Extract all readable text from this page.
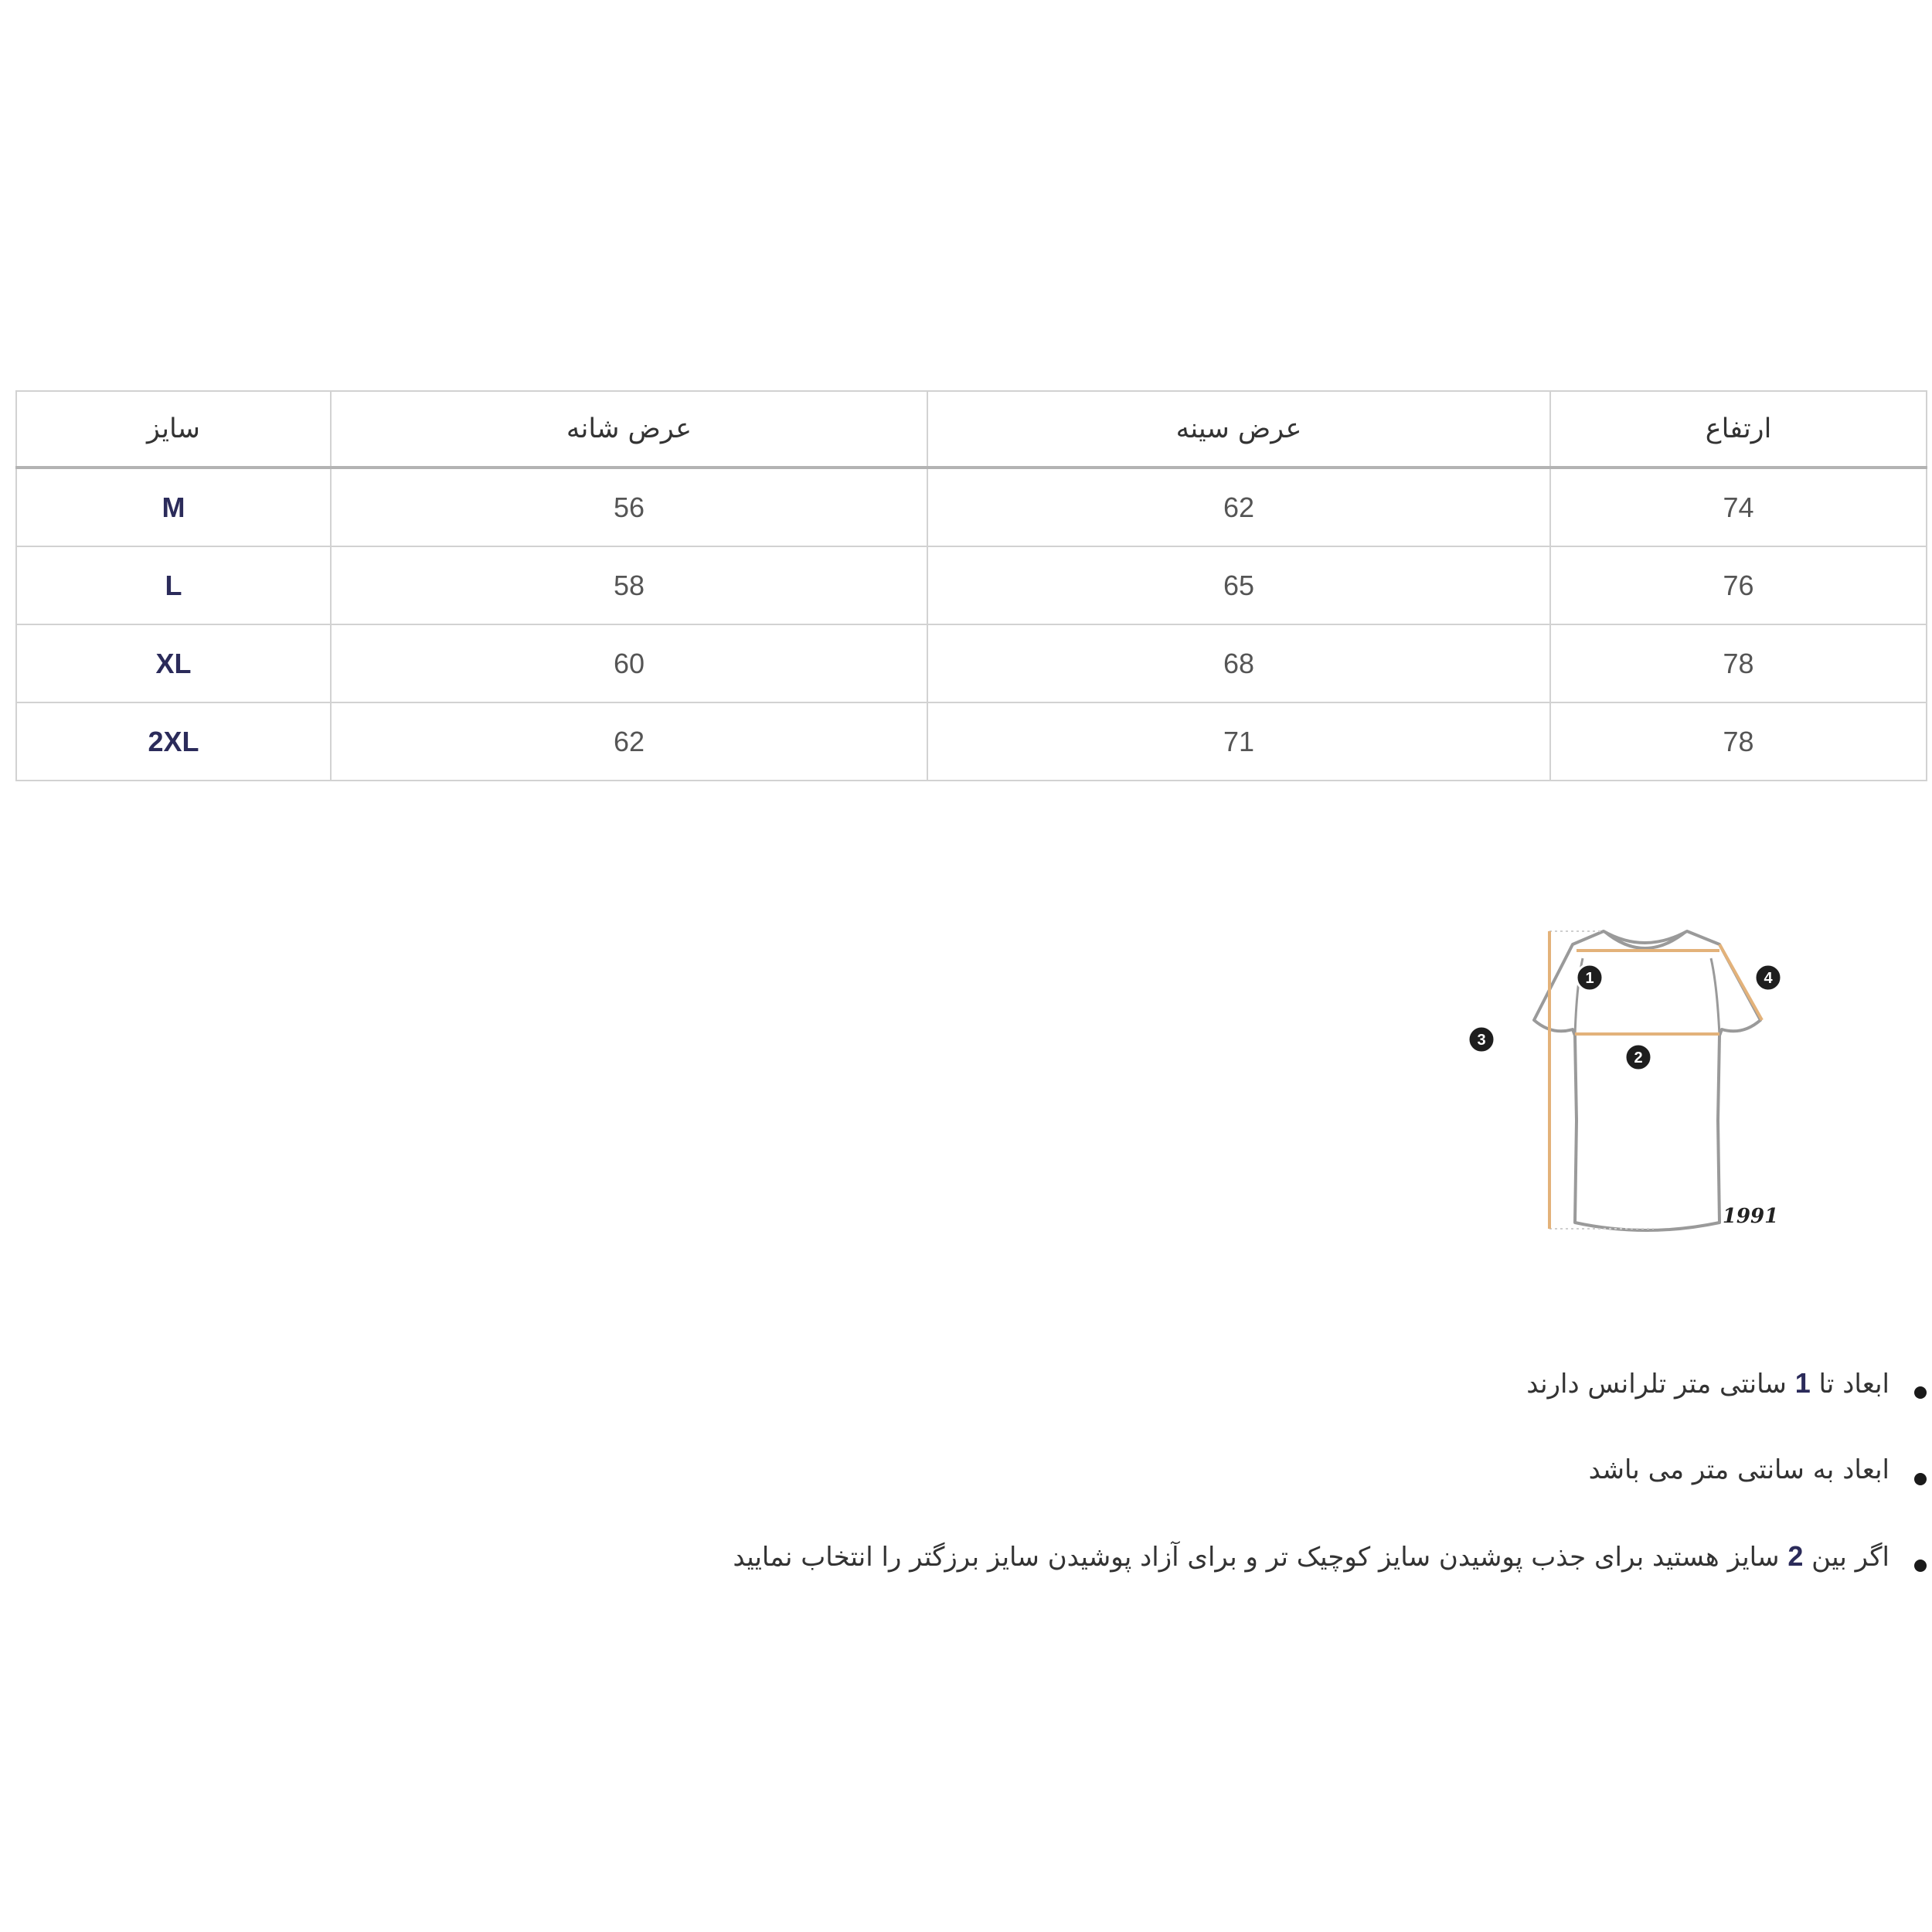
سایز	عرض شانه	عرض سینه	ارتفاع
M	56	62	74
L	58	65	76
XL	60	68	78
2XL	62	71	78
1
2
3
4
1991
ابعاد تا 1 سانتی متر تلرانس دارند
ابعاد به سانتی متر می باشد
اگر بین 2 سایز هستید برای جذب پوشیدن سایز کوچیک تر و برای آزاد پوشیدن سایز برزگتر را انتخاب نمایید
